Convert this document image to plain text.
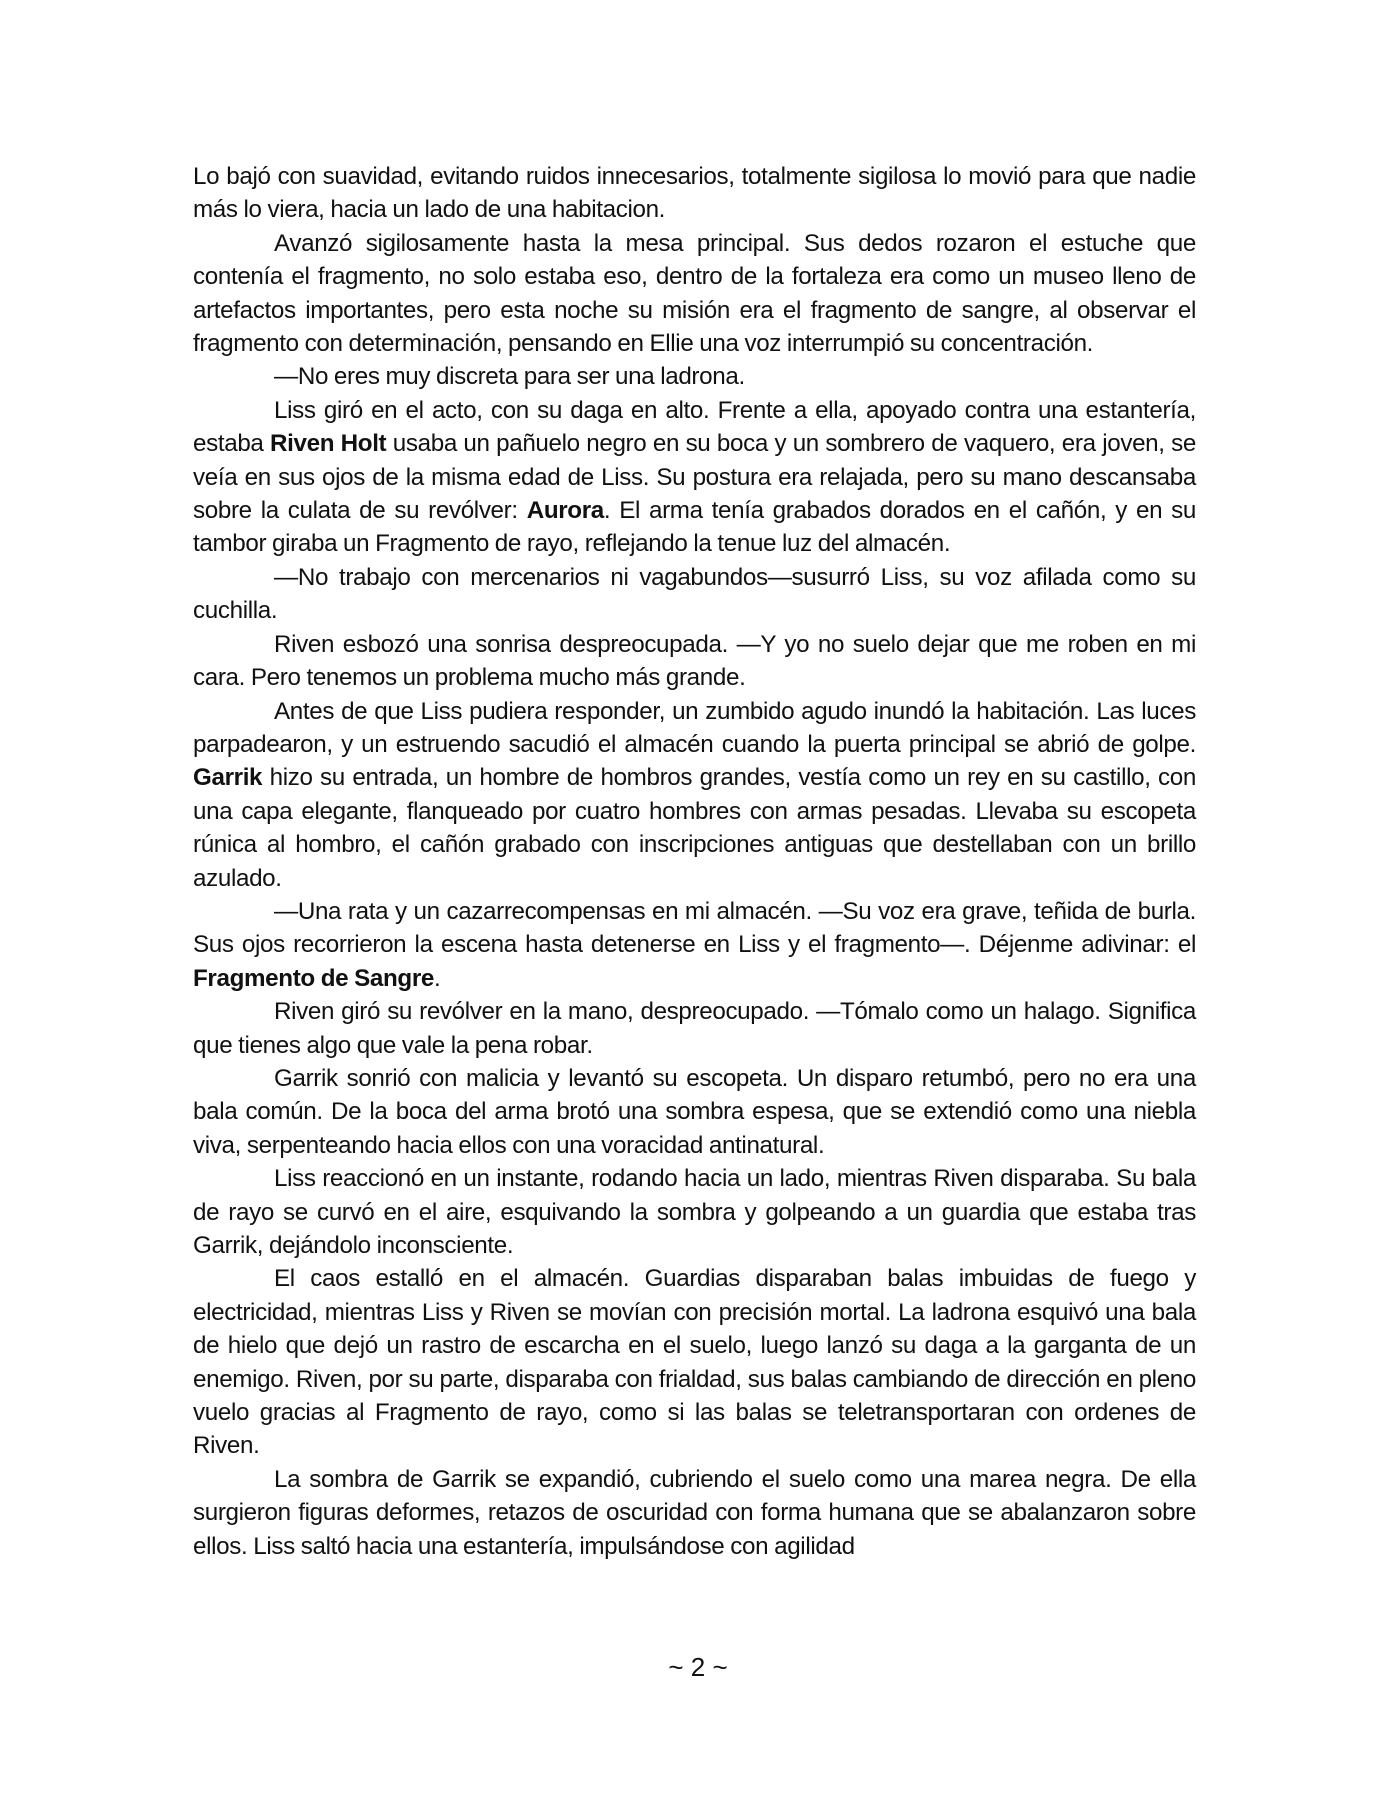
Lo bajó con suavidad, evitando ruidos innecesarios, totalmente sigilosa lo movió para que nadie más lo viera, hacia un lado de una habitacion.

Avanzó sigilosamente hasta la mesa principal. Sus dedos rozaron el estuche que contenía el fragmento, no solo estaba eso, dentro de la fortaleza era como un museo lleno de artefactos importantes, pero esta noche su misión era el fragmento de sangre, al observar el fragmento con determinación, pensando en Ellie una voz interrumpió su concentración.

—No eres muy discreta para ser una ladrona.

Liss giró en el acto, con su daga en alto. Frente a ella, apoyado contra una estantería, estaba Riven Holt usaba un pañuelo negro en su boca y un sombrero de vaquero, era joven, se veía en sus ojos de la misma edad de Liss. Su postura era relajada, pero su mano descansaba sobre la culata de su revólver: Aurora. El arma tenía grabados dorados en el cañón, y en su tambor giraba un Fragmento de rayo, reflejando la tenue luz del almacén.

—No trabajo con mercenarios ni vagabundos—susurró Liss, su voz afilada como su cuchilla.

Riven esbozó una sonrisa despreocupada. —Y yo no suelo dejar que me roben en mi cara. Pero tenemos un problema mucho más grande.

Antes de que Liss pudiera responder, un zumbido agudo inundó la habitación. Las luces parpadearon, y un estruendo sacudió el almacén cuando la puerta principal se abrió de golpe. Garrik hizo su entrada, un hombre de hombros grandes, vestía como un rey en su castillo, con una capa elegante, flanqueado por cuatro hombres con armas pesadas. Llevaba su escopeta rúnica al hombro, el cañón grabado con inscripciones antiguas que destellaban con un brillo azulado.

—Una rata y un cazarrecompensas en mi almacén. —Su voz era grave, teñida de burla. Sus ojos recorrieron la escena hasta detenerse en Liss y el fragmento—. Déjenme adivinar: el Fragmento de Sangre.

Riven giró su revólver en la mano, despreocupado. —Tómalo como un halago. Significa que tienes algo que vale la pena robar.

Garrik sonrió con malicia y levantó su escopeta. Un disparo retumbó, pero no era una bala común. De la boca del arma brotó una sombra espesa, que se extendió como una niebla viva, serpenteando hacia ellos con una voracidad antinatural.

Liss reaccionó en un instante, rodando hacia un lado, mientras Riven disparaba. Su bala de rayo se curvó en el aire, esquivando la sombra y golpeando a un guardia que estaba tras Garrik, dejándolo inconsciente.

El caos estalló en el almacén. Guardias disparaban balas imbuidas de fuego y electricidad, mientras Liss y Riven se movían con precisión mortal. La ladrona esquivó una bala de hielo que dejó un rastro de escarcha en el suelo, luego lanzó su daga a la garganta de un enemigo. Riven, por su parte, disparaba con frialdad, sus balas cambiando de dirección en pleno vuelo gracias al Fragmento de rayo, como si las balas se teletransportaran con ordenes de Riven.

La sombra de Garrik se expandió, cubriendo el suelo como una marea negra. De ella surgieron figuras deformes, retazos de oscuridad con forma humana que se abalanzaron sobre ellos. Liss saltó hacia una estantería, impulsándose con agilidad

~ 2 ~
